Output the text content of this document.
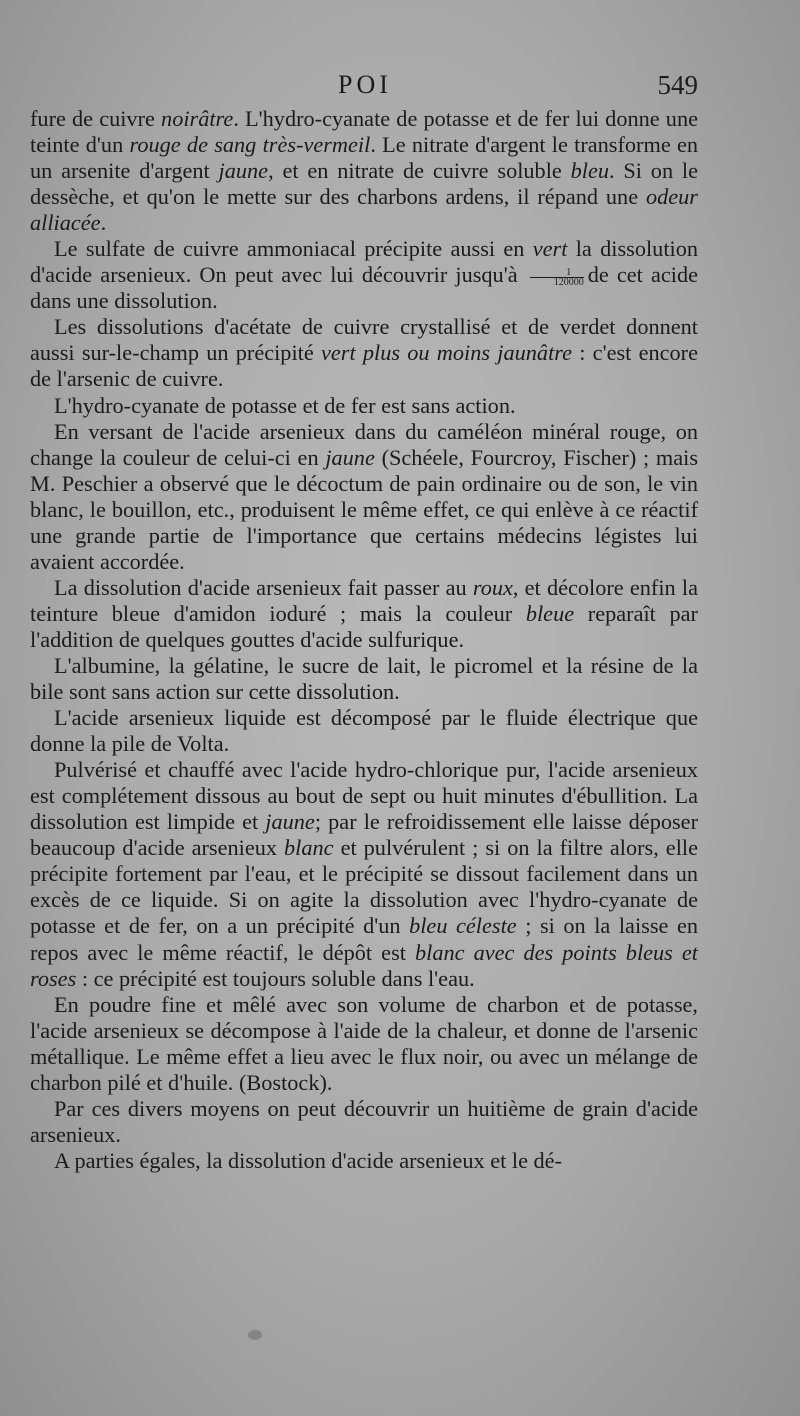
POI	549

fure de cuivre noirâtre. L'hydro-cyanate de potasse et de fer lui donne une teinte d'un rouge de sang très-vermeil. Le nitrate d'argent le transforme en un arsenite d'argent jaune, et en nitrate de cuivre soluble bleu. Si on le dessèche, et qu'on le mette sur des charbons ardens, il répand une odeur alliacée.

Le sulfate de cuivre ammoniacal précipite aussi en vert la dissolution d'acide arsenieux. On peut avec lui découvrir jusqu'à $\frac{1}{120000}$ de cet acide dans une dissolution.

Les dissolutions d'acétate de cuivre crystallisé et de verdet donnent aussi sur-le-champ un précipité vert plus ou moins jaunâtre : c'est encore de l'arsenic de cuivre.

L'hydro-cyanate de potasse et de fer est sans action.

En versant de l'acide arsenieux dans du caméléon minéral rouge, on change la couleur de celui-ci en jaune (Schéele, Fourcroy, Fischer) ; mais M. Peschier a observé que le décoctum de pain ordinaire ou de son, le vin blanc, le bouillon, etc., produisent le même effet, ce qui enlève à ce réactif une grande partie de l'importance que certains médecins légistes lui avaient accordée.

La dissolution d'acide arsenieux fait passer au roux, et décolore enfin la teinture bleue d'amidon ioduré ; mais la couleur bleue reparaît par l'addition de quelques gouttes d'acide sulfurique.

L'albumine, la gélatine, le sucre de lait, le picromel et la résine de la bile sont sans action sur cette dissolution.

L'acide arsenieux liquide est décomposé par le fluide électrique que donne la pile de Volta.

Pulvérisé et chauffé avec l'acide hydro-chlorique pur, l'acide arsenieux est complétement dissous au bout de sept ou huit minutes d'ébullition. La dissolution est limpide et jaune; par le refroidissement elle laisse déposer beaucoup d'acide arsenieux blanc et pulvérulent ; si on la filtre alors, elle précipite fortement par l'eau, et le précipité se dissout facilement dans un excès de ce liquide. Si on agite la dissolution avec l'hydro-cyanate de potasse et de fer, on a un précipité d'un bleu céleste ; si on la laisse en repos avec le même réactif, le dépôt est blanc avec des points bleus et roses : ce précipité est toujours soluble dans l'eau.

En poudre fine et mêlé avec son volume de charbon et de potasse, l'acide arsenieux se décompose à l'aide de la chaleur, et donne de l'arsenic métallique. Le même effet a lieu avec le flux noir, ou avec un mélange de charbon pilé et d'huile. (Bostock).

Par ces divers moyens on peut découvrir un huitième de grain d'acide arsenieux.

A parties égales, la dissolution d'acide arsenieux et le dé-
